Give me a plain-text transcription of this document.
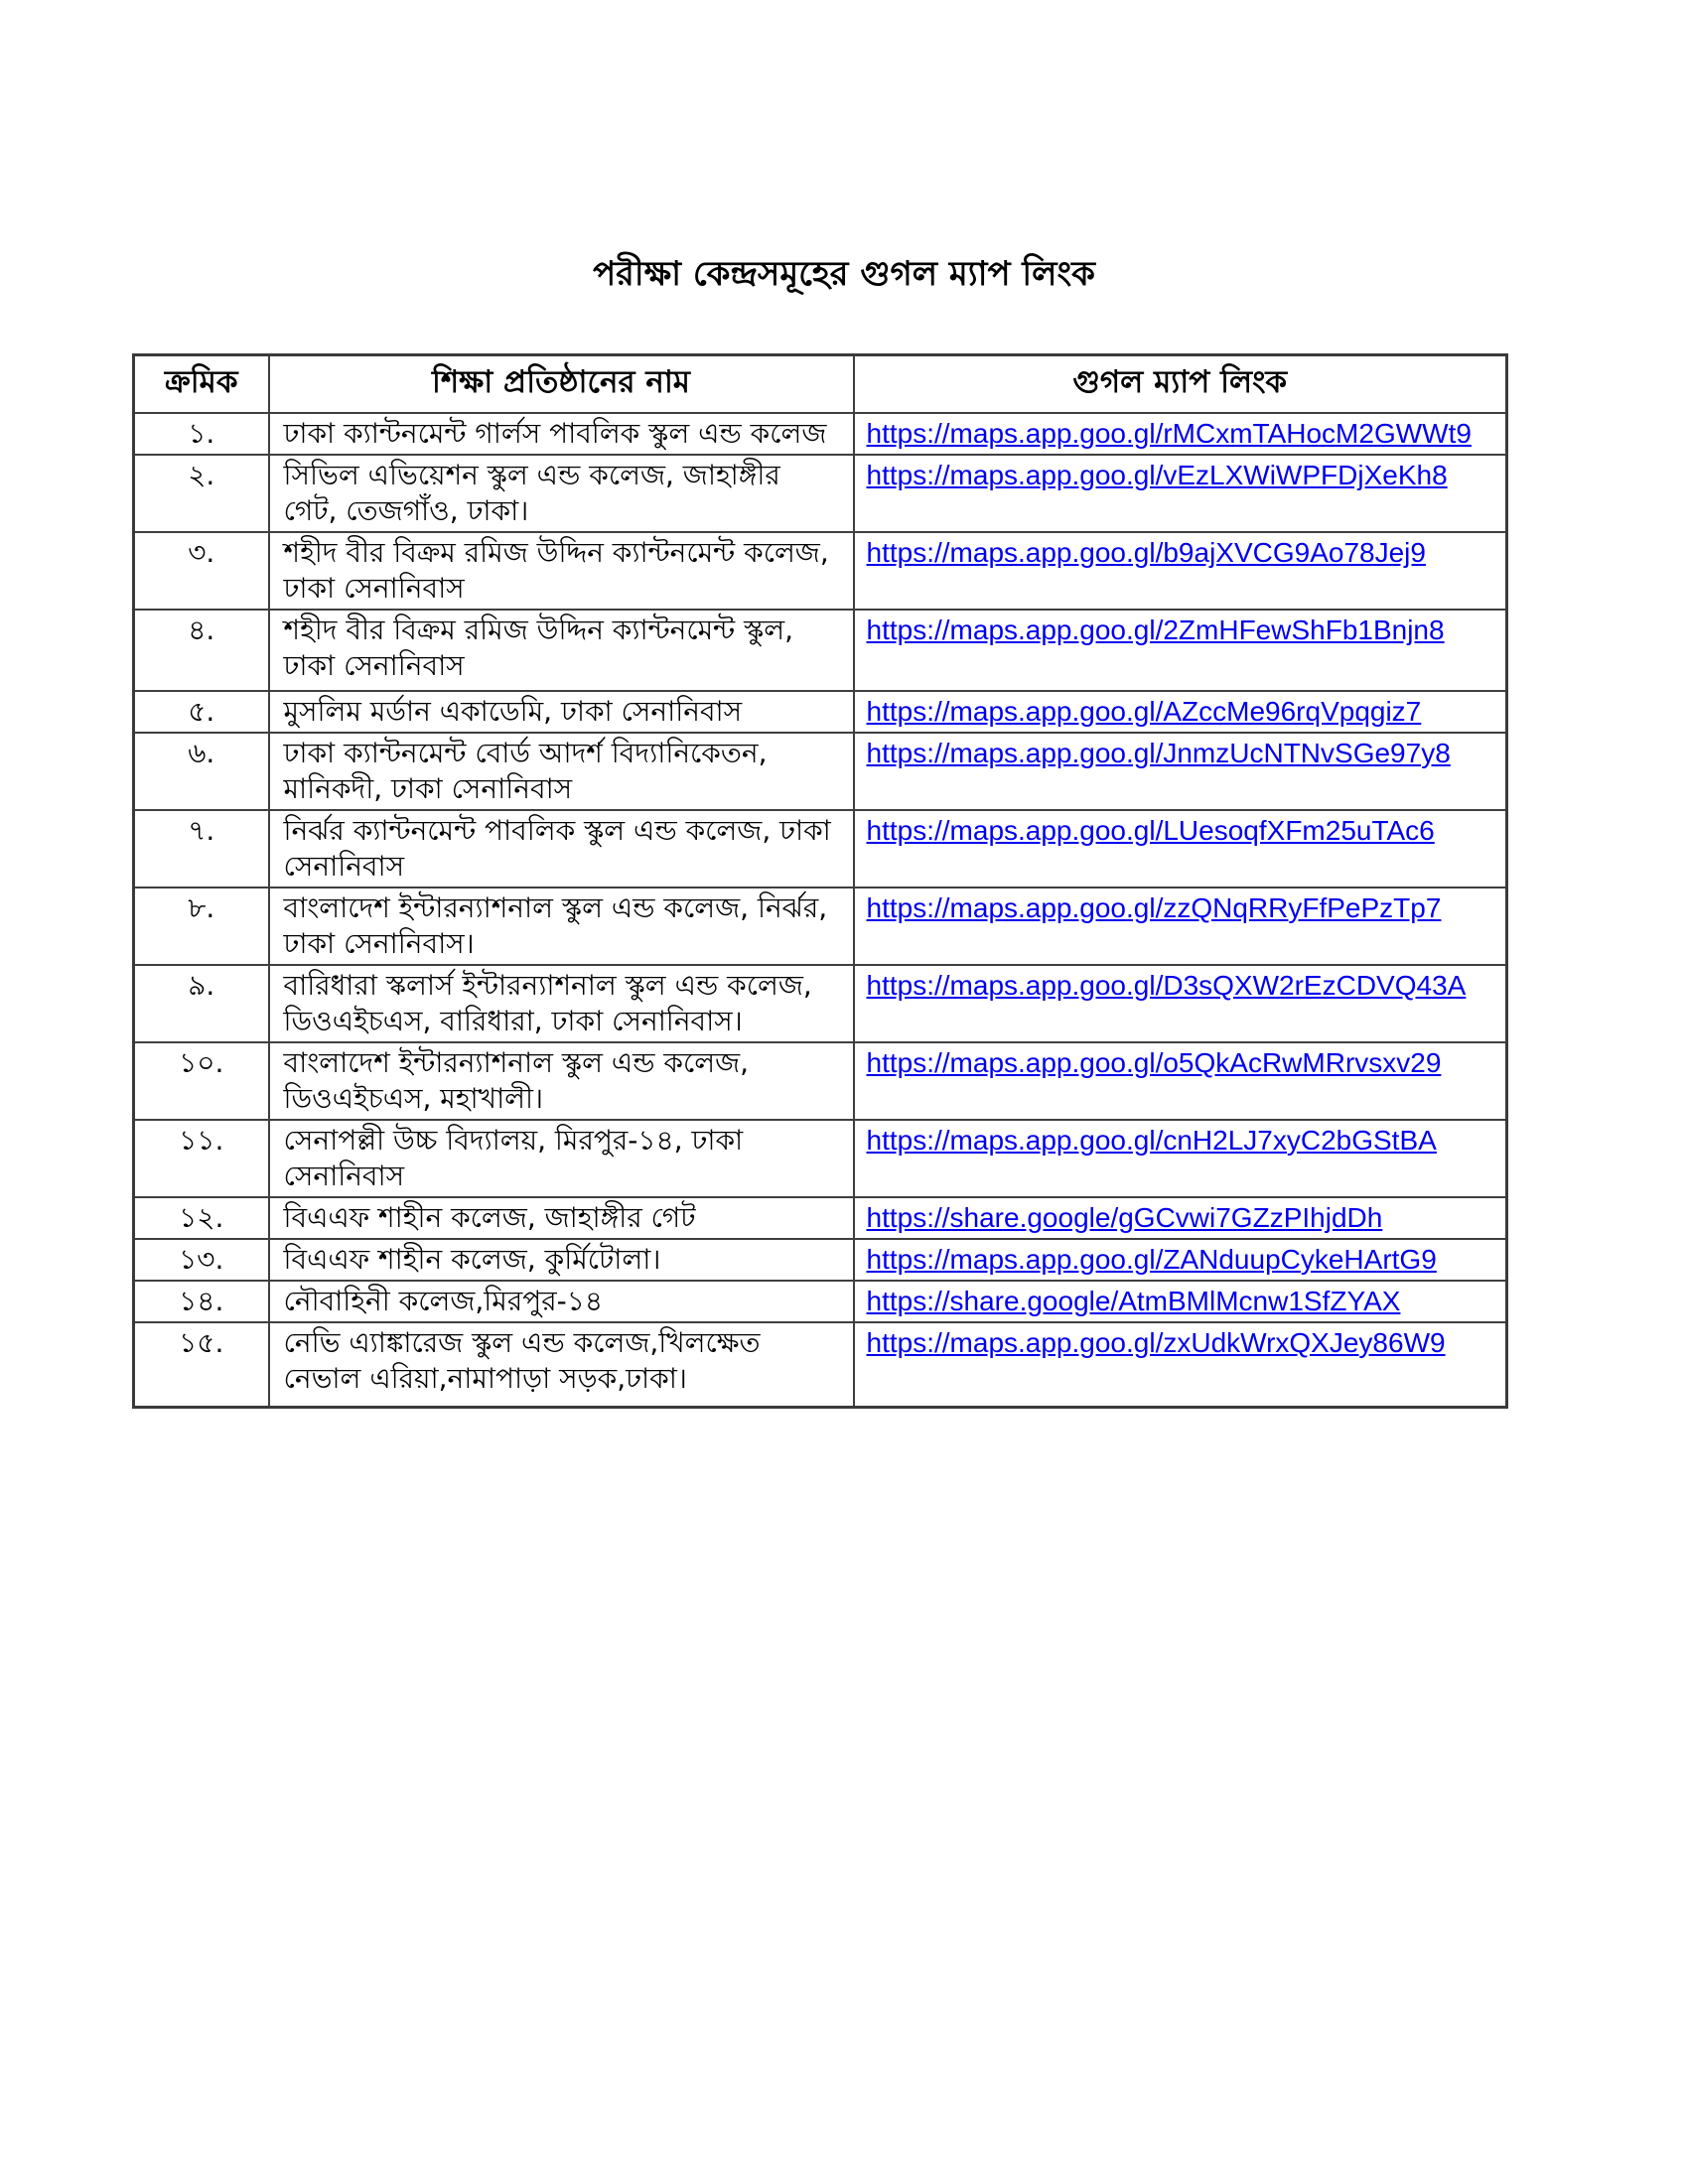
পরীক্ষা কেন্দ্রসমূহের গুগল ম্যাপ লিংক
ক্রমিক	শিক্ষা প্রতিষ্ঠানের নাম	গুগল ম্যাপ লিংক
১.	ঢাকা ক্যান্টনমেন্ট গার্লস পাবলিক স্কুল এন্ড কলেজ	https://maps.app.goo.gl/rMCxmTAHocM2GWWt9
২.	সিভিল এভিয়েশন স্কুল এন্ড কলেজ, জাহাঙ্গীর গেট, তেজগাঁও, ঢাকা।	https://maps.app.goo.gl/vEzLXWiWPFDjXeKh8
৩.	শহীদ বীর বিক্রম রমিজ উদ্দিন ক্যান্টনমেন্ট কলেজ, ঢাকা সেনানিবাস	https://maps.app.goo.gl/b9ajXVCG9Ao78Jej9
৪.	শহীদ বীর বিক্রম রমিজ উদ্দিন ক্যান্টনমেন্ট স্কুল, ঢাকা সেনানিবাস	https://maps.app.goo.gl/2ZmHFewShFb1Bnjn8
৫.	মুসলিম মর্ডান একাডেমি, ঢাকা সেনানিবাস	https://maps.app.goo.gl/AZccMe96rqVpqgiz7
৬.	ঢাকা ক্যান্টনমেন্ট বোর্ড আদর্শ বিদ্যানিকেতন, মানিকদী, ঢাকা সেনানিবাস	https://maps.app.goo.gl/JnmzUcNTNvSGe97y8
৭.	নির্ঝর ক্যান্টনমেন্ট পাবলিক স্কুল এন্ড কলেজ, ঢাকা সেনানিবাস	https://maps.app.goo.gl/LUesoqfXFm25uTAc6
৮.	বাংলাদেশ ইন্টারন্যাশনাল স্কুল এন্ড কলেজ, নির্ঝর, ঢাকা সেনানিবাস।	https://maps.app.goo.gl/zzQNqRRyFfPePzTp7
৯.	বারিধারা স্কলার্স ইন্টারন্যাশনাল স্কুল এন্ড কলেজ, ডিওএইচএস, বারিধারা, ঢাকা সেনানিবাস।	https://maps.app.goo.gl/D3sQXW2rEzCDVQ43A
১০.	বাংলাদেশ ইন্টারন্যাশনাল স্কুল এন্ড কলেজ, ডিওএইচএস, মহাখালী।	https://maps.app.goo.gl/o5QkAcRwMRrvsxv29
১১.	সেনাপল্লী উচ্চ বিদ্যালয়, মিরপুর-১৪, ঢাকা সেনানিবাস	https://maps.app.goo.gl/cnH2LJ7xyC2bGStBA
১২.	বিএএফ শাহীন কলেজ, জাহাঙ্গীর গেট	https://share.google/gGCvwi7GZzPIhjdDh
১৩.	বিএএফ শাহীন কলেজ, কুর্মিটোলা।	https://maps.app.goo.gl/ZANduupCykeHArtG9
১৪.	নৌবাহিনী কলেজ,মিরপুর-১৪	https://share.google/AtmBMlMcnw1SfZYAX
১৫.	নেভি এ্যাঙ্কারেজ স্কুল এন্ড কলেজ,খিলক্ষেত নেভাল এরিয়া,নামাপাড়া সড়ক,ঢাকা।	https://maps.app.goo.gl/zxUdkWrxQXJey86W9
